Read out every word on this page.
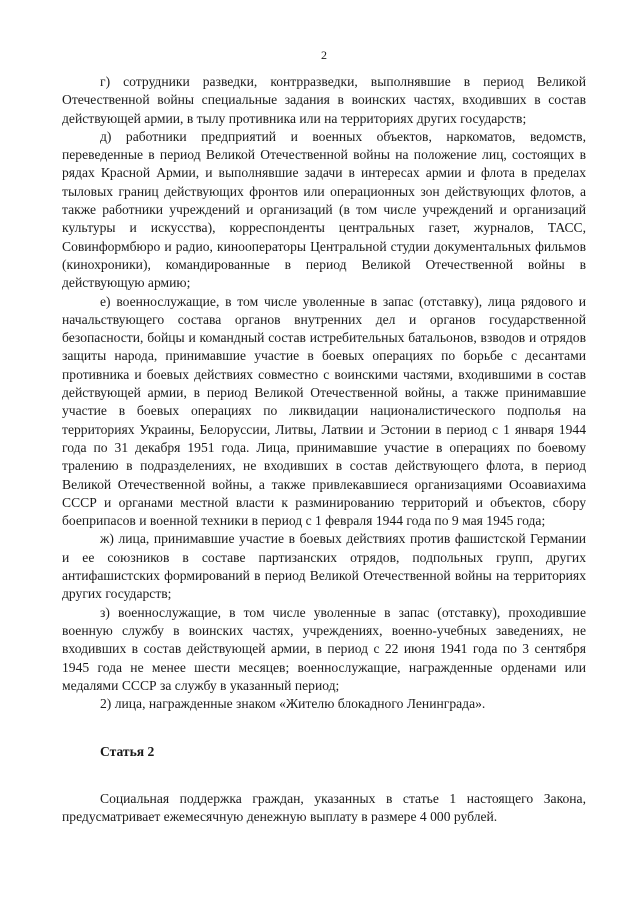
2

г) сотрудники разведки, контрразведки, выполнявшие в период Великой Отечественной войны специальные задания в воинских частях, входивших в состав действующей армии, в тылу противника или на территориях других государств;

д) работники предприятий и военных объектов, наркоматов, ведомств, переведенные в период Великой Отечественной войны на положение лиц, состоящих в рядах Красной Армии, и выполнявшие задачи в интересах армии и флота в пределах тыловых границ действующих фронтов или операционных зон действующих флотов, а также работники учреждений и организаций (в том числе учреждений и организаций культуры и искусства), корреспонденты центральных газет, журналов, ТАСС, Совинформбюро и радио, кинооператоры Центральной студии документальных фильмов (кинохроники), командированные в период Великой Отечественной войны в действующую армию;

е) военнослужащие, в том числе уволенные в запас (отставку), лица рядового и начальствующего состава органов внутренних дел и органов государственной безопасности, бойцы и командный состав истребительных батальонов, взводов и отрядов защиты народа, принимавшие участие в боевых операциях по борьбе с десантами противника и боевых действиях совместно с воинскими частями, входившими в состав действующей армии, в период Великой Отечественной войны, а также принимавшие участие в боевых операциях по ликвидации националистического подполья на территориях Украины, Белоруссии, Литвы, Латвии и Эстонии в период с 1 января 1944 года по 31 декабря 1951 года. Лица, принимавшие участие в операциях по боевому тралению в подразделениях, не входивших в состав действующего флота, в период Великой Отечественной войны, а также привлекавшиеся организациями Осоавиахима СССР и органами местной власти к разминированию территорий и объектов, сбору боеприпасов и военной техники в период с 1 февраля 1944 года по 9 мая 1945 года;

ж) лица, принимавшие участие в боевых действиях против фашистской Германии и ее союзников в составе партизанских отрядов, подпольных групп, других антифашистских формирований в период Великой Отечественной войны на территориях других государств;

з) военнослужащие, в том числе уволенные в запас (отставку), проходившие военную службу в воинских частях, учреждениях, военно-учебных заведениях, не входивших в состав действующей армии, в период с 22 июня 1941 года по 3 сентября 1945 года не менее шести месяцев; военнослужащие, награжденные орденами или медалями СССР за службу в указанный период;

2) лица, награжденные знаком «Жителю блокадного Ленинграда».

Статья 2

Социальная поддержка граждан, указанных в статье 1 настоящего Закона, предусматривает ежемесячную денежную выплату в размере 4 000 рублей.
